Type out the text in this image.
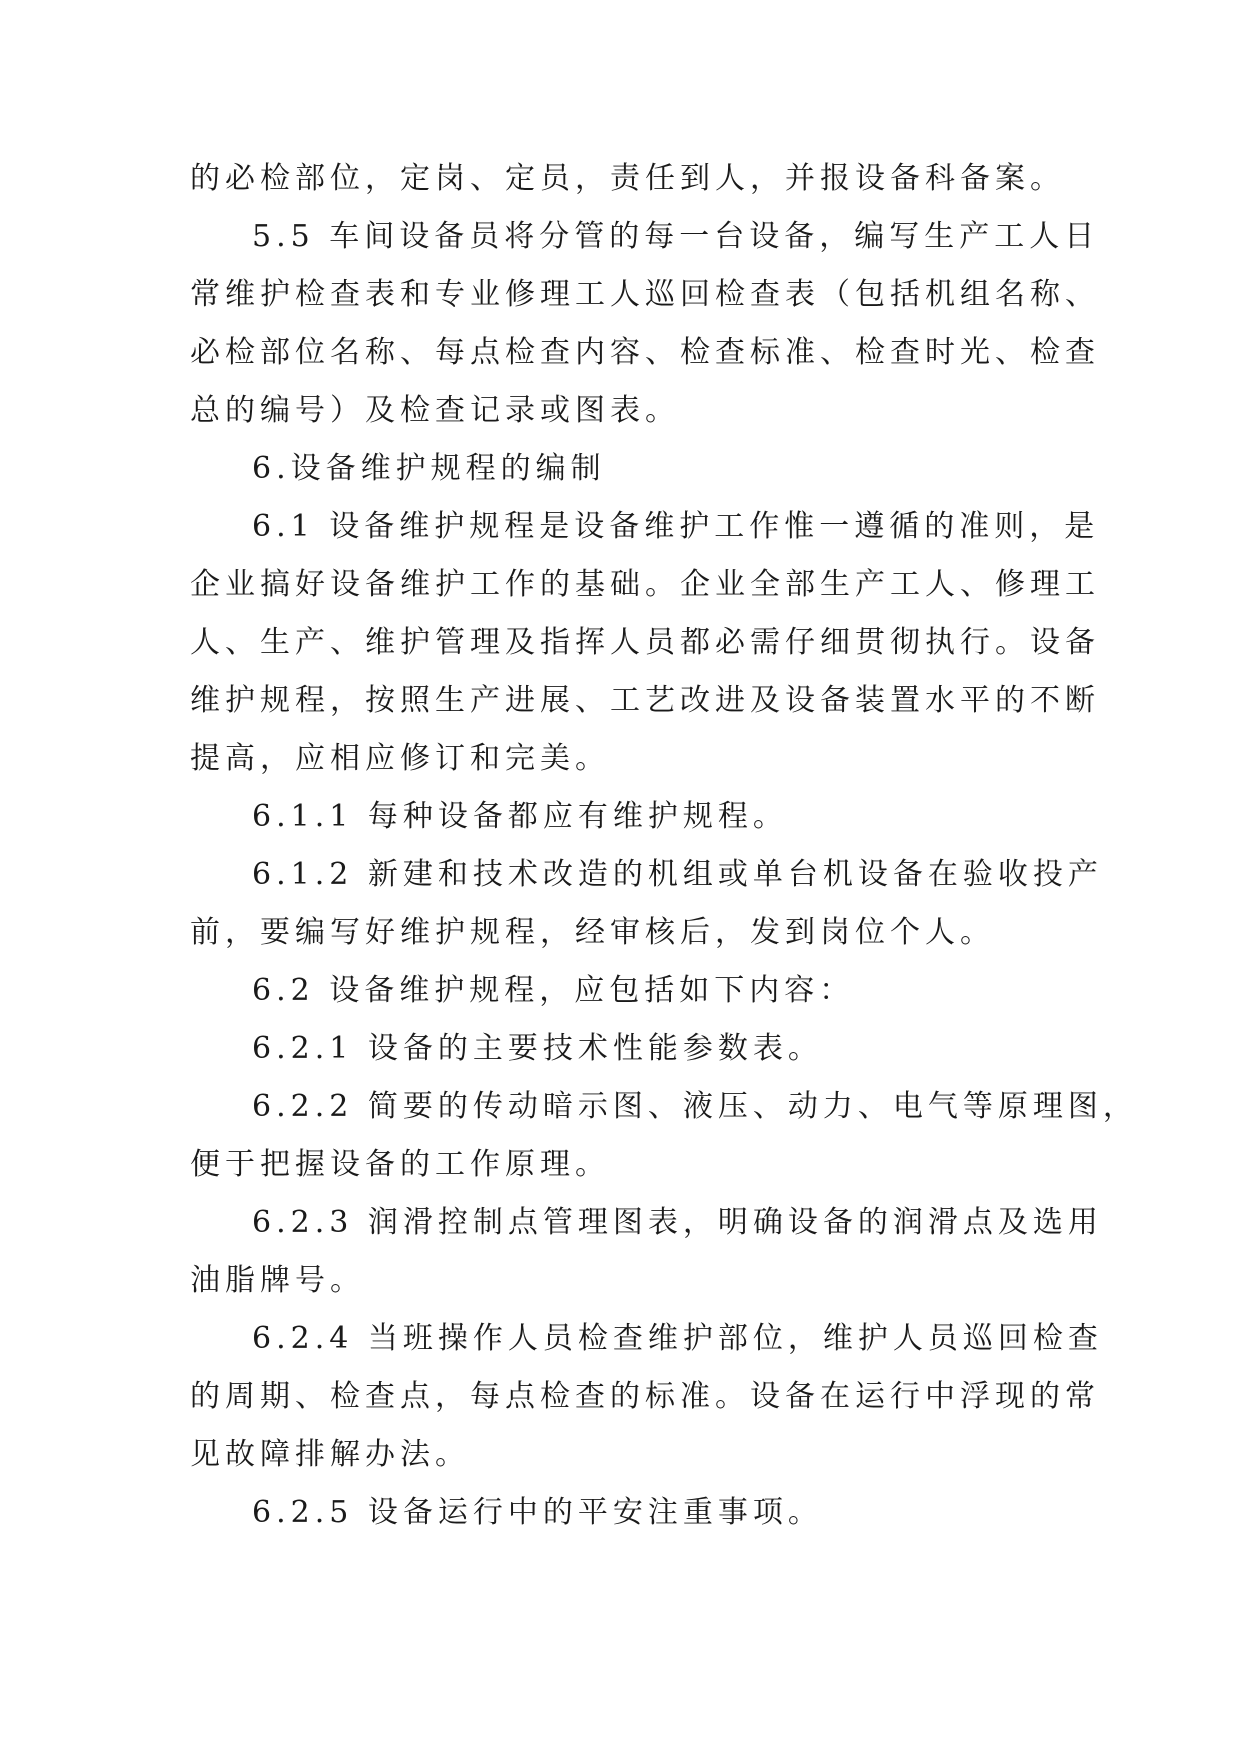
的必检部位，定岗、定员，责任到人，并报设备科备案。
5.5 车间设备员将分管的每一台设备，编写生产工人日
常维护检查表和专业修理工人巡回检查表（包括机组名称、
必检部位名称、每点检查内容、检查标准、检查时光、检查
总的编号）及检查记录或图表。
6.设备维护规程的编制
6.1 设备维护规程是设备维护工作惟一遵循的准则，是
企业搞好设备维护工作的基础。企业全部生产工人、修理工
人、生产、维护管理及指挥人员都必需仔细贯彻执行。设备
维护规程，按照生产进展、工艺改进及设备装置水平的不断
提高，应相应修订和完美。
6.1.1 每种设备都应有维护规程。
6.1.2 新建和技术改造的机组或单台机设备在验收投产
前，要编写好维护规程，经审核后，发到岗位个人。
6.2 设备维护规程，应包括如下内容：
6.2.1 设备的主要技术性能参数表。
6.2.2 简要的传动暗示图、液压、动力、电气等原理图，
便于把握设备的工作原理。
6.2.3 润滑控制点管理图表，明确设备的润滑点及选用
油脂牌号。
6.2.4 当班操作人员检查维护部位，维护人员巡回检查
的周期、检查点，每点检查的标准。设备在运行中浮现的常
见故障排解办法。
6.2.5 设备运行中的平安注重事项。
